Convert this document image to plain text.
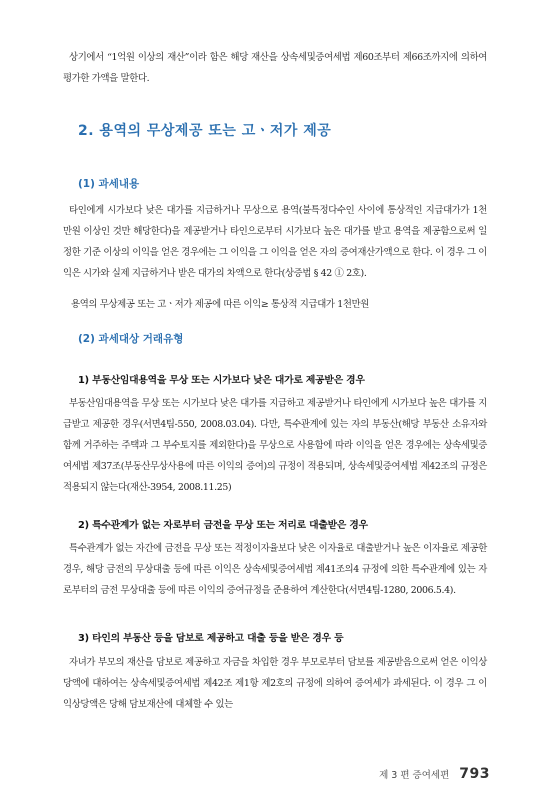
상기에서 “1억원 이상의 재산”이라 함은 해당 재산을 상속세및증여세법 제60조부터 제66조까지에 의하여 평가한 가액을 말한다.

2. 용역의 무상제공 또는 고ㆍ저가 제공
(1) 과세내용

타인에게 시가보다 낮은 대가를 지급하거나 무상으로 용역(불특정다수인 사이에 통상적인 지급대가가 1천만원 이상인 것만 해당한다)을 제공받거나 타인으로부터 시가보다 높은 대가를 받고 용역을 제공함으로써 일정한 기준 이상의 이익을 얻은 경우에는 그 이익을 그 이익을 얻은 자의 증여재산가액으로 한다. 이 경우 그 이익은 시가와 실제 지급하거나 받은 대가의 차액으로 한다(상증법 § 42 ① 2호).

용역의 무상제공 또는 고ㆍ저가 제공에 따른 이익≥ 통상적 지급대가 1천만원

(2) 과세대상 거래유형
1) 부동산임대용역을 무상 또는 시가보다 낮은 대가로 제공받은 경우

부동산임대용역을 무상 또는 시가보다 낮은 대가를 지급하고 제공받거나 타인에게 시가보다 높은 대가를 지급받고 제공한 경우(서면4팀-550, 2008.03.04). 다만, 특수관계에 있는 자의 부동산(해당 부동산 소유자와 함께 거주하는 주택과 그 부수토지를 제외한다)을 무상으로 사용함에 따라 이익을 얻은 경우에는 상속세및증여세법 제37조(부동산무상사용에 따른 이익의 증여)의 규정이 적용되며, 상속세및증여세법 제42조의 규정은 적용되지 않는다(재산-3954, 2008.11.25)

2) 특수관계가 없는 자로부터 금전을 무상 또는 저리로 대출받은 경우

특수관계가 없는 자간에 금전을 무상 또는 적정이자율보다 낮은 이자율로 대출받거나 높은 이자율로 제공한 경우, 해당 금전의 무상대출 등에 따른 이익은 상속세및증여세법 제41조의4 규정에 의한 특수관계에 있는 자로부터의 금전 무상대출 등에 따른 이익의 증여규정을 준용하여 계산한다(서면4팀-1280, 2006.5.4).

3) 타인의 부동산 등을 담보로 제공하고 대출 등을 받은 경우 등

자녀가 부모의 재산을 담보로 제공하고 자금을 차입한 경우 부모로부터 담보를 제공받음으로써 얻은 이익상당액에 대하여는 상속세및증여세법 제42조 제1항 제2호의 규정에 의하여 증여세가 과세된다. 이 경우 그 이익상당액은 당해 담보재산에 대체할 수 있는

제 3 편 증여세편 793
